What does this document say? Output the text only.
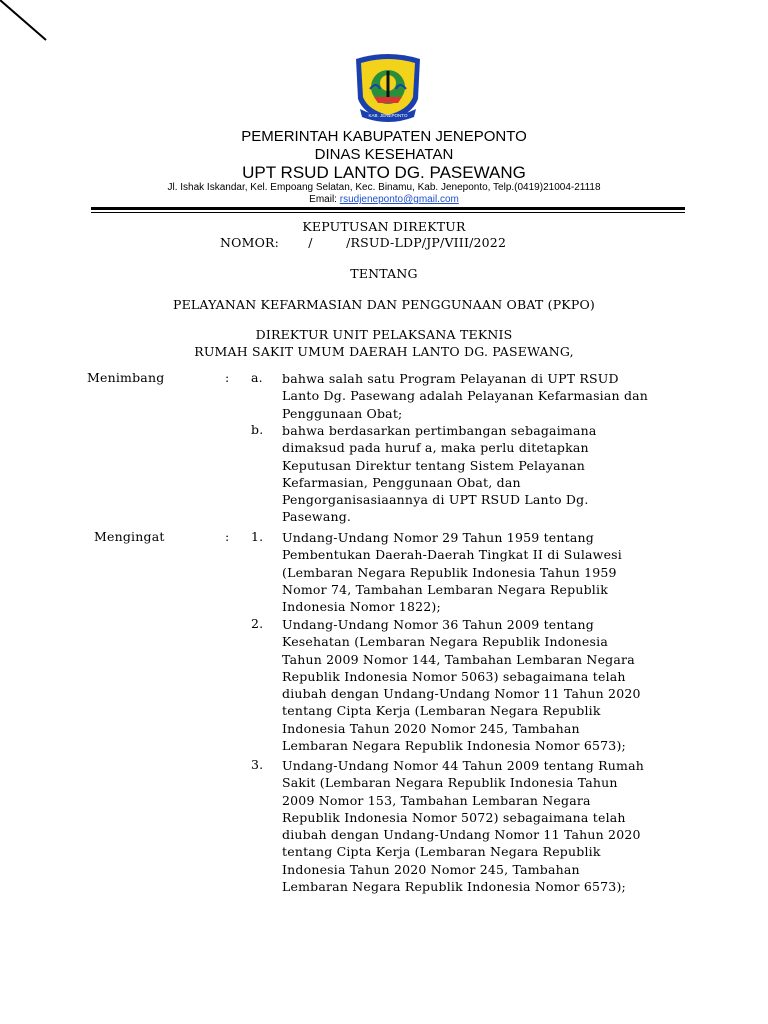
KAB. JENEPONTO
PEMERINTAH KABUPATEN JENEPONTO
DINAS KESEHATAN
UPT RSUD LANTO DG. PASEWANG
Jl. Ishak Iskandar, Kel. Empoang Selatan, Kec. Binamu, Kab. Jeneponto, Telp.(0419)21004-21118
Email: rsudjeneponto@gmail.com
KEPUTUSAN DIREKTUR
NOMOR:       /        /RSUD-LDP/JP/VIII/2022
TENTANG
PELAYANAN KEFARMASIAN DAN PENGGUNAAN OBAT (PKPO)
DIREKTUR UNIT PELAKSANA TEKNIS
RUMAH SAKIT UMUM DAERAH LANTO DG. PASEWANG,
Menimbang	: a. bahwa salah satu Program Pelayanan di UPT RSUD
Lanto Dg. Pasewang adalah Pelayanan Kefarmasian dan
Penggunaan Obat;
b. bahwa berdasarkan pertimbangan sebagaimana
dimaksud pada huruf a, maka perlu ditetapkan
Keputusan Direktur tentang Sistem Pelayanan
Kefarmasian, Penggunaan Obat, dan
Pengorganisasiaannya di UPT RSUD Lanto Dg.
Pasewang.
Mengingat	: 1. Undang-Undang Nomor 29 Tahun 1959 tentang
Pembentukan Daerah-Daerah Tingkat II di Sulawesi
(Lembaran Negara Republik Indonesia Tahun 1959
Nomor 74, Tambahan Lembaran Negara Republik
Indonesia Nomor 1822);
2. Undang-Undang Nomor 36 Tahun 2009 tentang
Kesehatan (Lembaran Negara Republik Indonesia
Tahun 2009 Nomor 144, Tambahan Lembaran Negara
Republik Indonesia Nomor 5063) sebagaimana telah
diubah dengan Undang-Undang Nomor 11 Tahun 2020
tentang Cipta Kerja (Lembaran Negara Republik
Indonesia Tahun 2020 Nomor 245, Tambahan
Lembaran Negara Republik Indonesia Nomor 6573);
3. Undang-Undang Nomor 44 Tahun 2009 tentang Rumah
Sakit (Lembaran Negara Republik Indonesia Tahun
2009 Nomor 153, Tambahan Lembaran Negara
Republik Indonesia Nomor 5072) sebagaimana telah
diubah dengan Undang-Undang Nomor 11 Tahun 2020
tentang Cipta Kerja (Lembaran Negara Republik
Indonesia Tahun 2020 Nomor 245, Tambahan
Lembaran Negara Republik Indonesia Nomor 6573);
